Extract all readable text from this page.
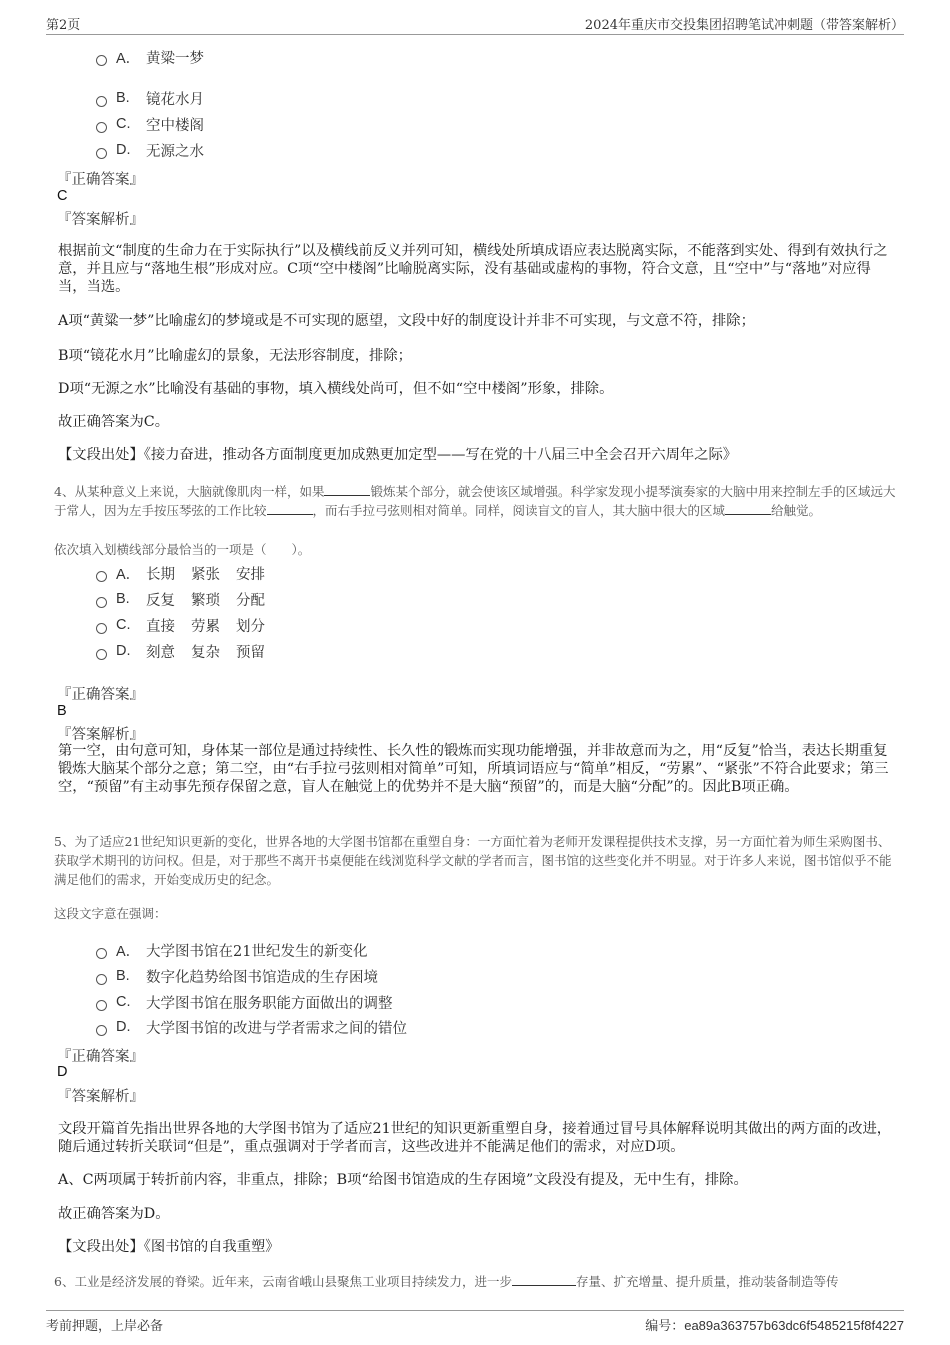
第2页	2024年重庆市交投集团招聘笔试冲刺题（带答案解析）
A． 黄粱一梦
B.	镜花水月
C.	空中楼阁
D.	无源之水
『正确答案』
C
『答案解析』
根据前文“制度的生命力在于实际执行”以及横线前反义并列可知，横线处所填成语应表达脱离实际，不能落到实处、得到有效执行之意，并且应与“落地生根”形成对应。C项“空中楼阁”比喻脱离实际，没有基础或虚构的事物，符合文意，且“空中”与“落地”对应得当，当选。
A项“黄粱一梦”比喻虚幻的梦境或是不可实现的愿望，文段中好的制度设计并非不可实现，与文意不符，排除；
B项“镜花水月”比喻虚幻的景象，无法形容制度，排除；
D项“无源之水”比喻没有基础的事物，填入横线处尚可，但不如“空中楼阁”形象，排除。
故正确答案为C。
【文段出处】《接力奋进，推动各方面制度更加成熟更加定型——写在党的十八届三中全会召开六周年之际》
4、从某种意义上来说，大脑就像肌肉一样，如果	锻炼某个部分，就会使该区域增强。科学家发现小提琴演奏家的大脑中用来控制左手的区域远大于常人，因为左手按压琴弦的工作比较	，而右手拉弓弦则相对简单。同样，阅读盲文的盲人，其大脑中很大的区域	给触觉。
依次填入划横线部分最恰当的一项是（　　）。
A． 长期 紧张 安排
B.	反复 繁琐 分配
C.	直接 劳累 划分
D.	刻意 复杂 预留
『正确答案』
B
『答案解析』
第一空，由句意可知，身体某一部位是通过持续性、长久性的锻炼而实现功能增强，并非故意而为之，用“反复”恰当，表达长期重复锻炼大脑某个部分之意；第二空，由“右手拉弓弦则相对简单”可知，所填词语应与“简单”相反，“劳累”、“紧张”不符合此要求；第三空，“预留”有主动事先预存保留之意，盲人在触觉上的优势并不是大脑“预留”的，而是大脑“分配”的。因此B项正确。
5、为了适应21世纪知识更新的变化，世界各地的大学图书馆都在重塑自身：一方面忙着为老师开发课程提供技术支撑，另一方面忙着为师生采购图书、获取学术期刊的访问权。但是，对于那些不离开书桌便能在线浏览科学文献的学者而言，图书馆的这些变化并不明显。对于许多人来说，图书馆似乎不能满足他们的需求，开始变成历史的纪念。
这段文字意在强调：
A． 大学图书馆在21世纪发生的新变化
B.	数字化趋势给图书馆造成的生存困境
C.	大学图书馆在服务职能方面做出的调整
D.	大学图书馆的改进与学者需求之间的错位
『正确答案』
D
『答案解析』
文段开篇首先指出世界各地的大学图书馆为了适应21世纪的知识更新重塑自身，接着通过冒号具体解释说明其做出的两方面的改进，随后通过转折关联词“但是”，重点强调对于学者而言，这些改进并不能满足他们的需求，对应D项。
A、C两项属于转折前内容，非重点，排除；B项“给图书馆造成的生存困境”文段没有提及，无中生有，排除。
故正确答案为D。
【文段出处】《图书馆的自我重塑》
6、工业是经济发展的脊梁。近年来，云南省峨山县聚焦工业项目持续发力，进一步	存量、扩充增量、提升质量，推动装备制造等传
考前押题，上岸必备	编号：ea89a363757b63dc6f5485215f8f4227
